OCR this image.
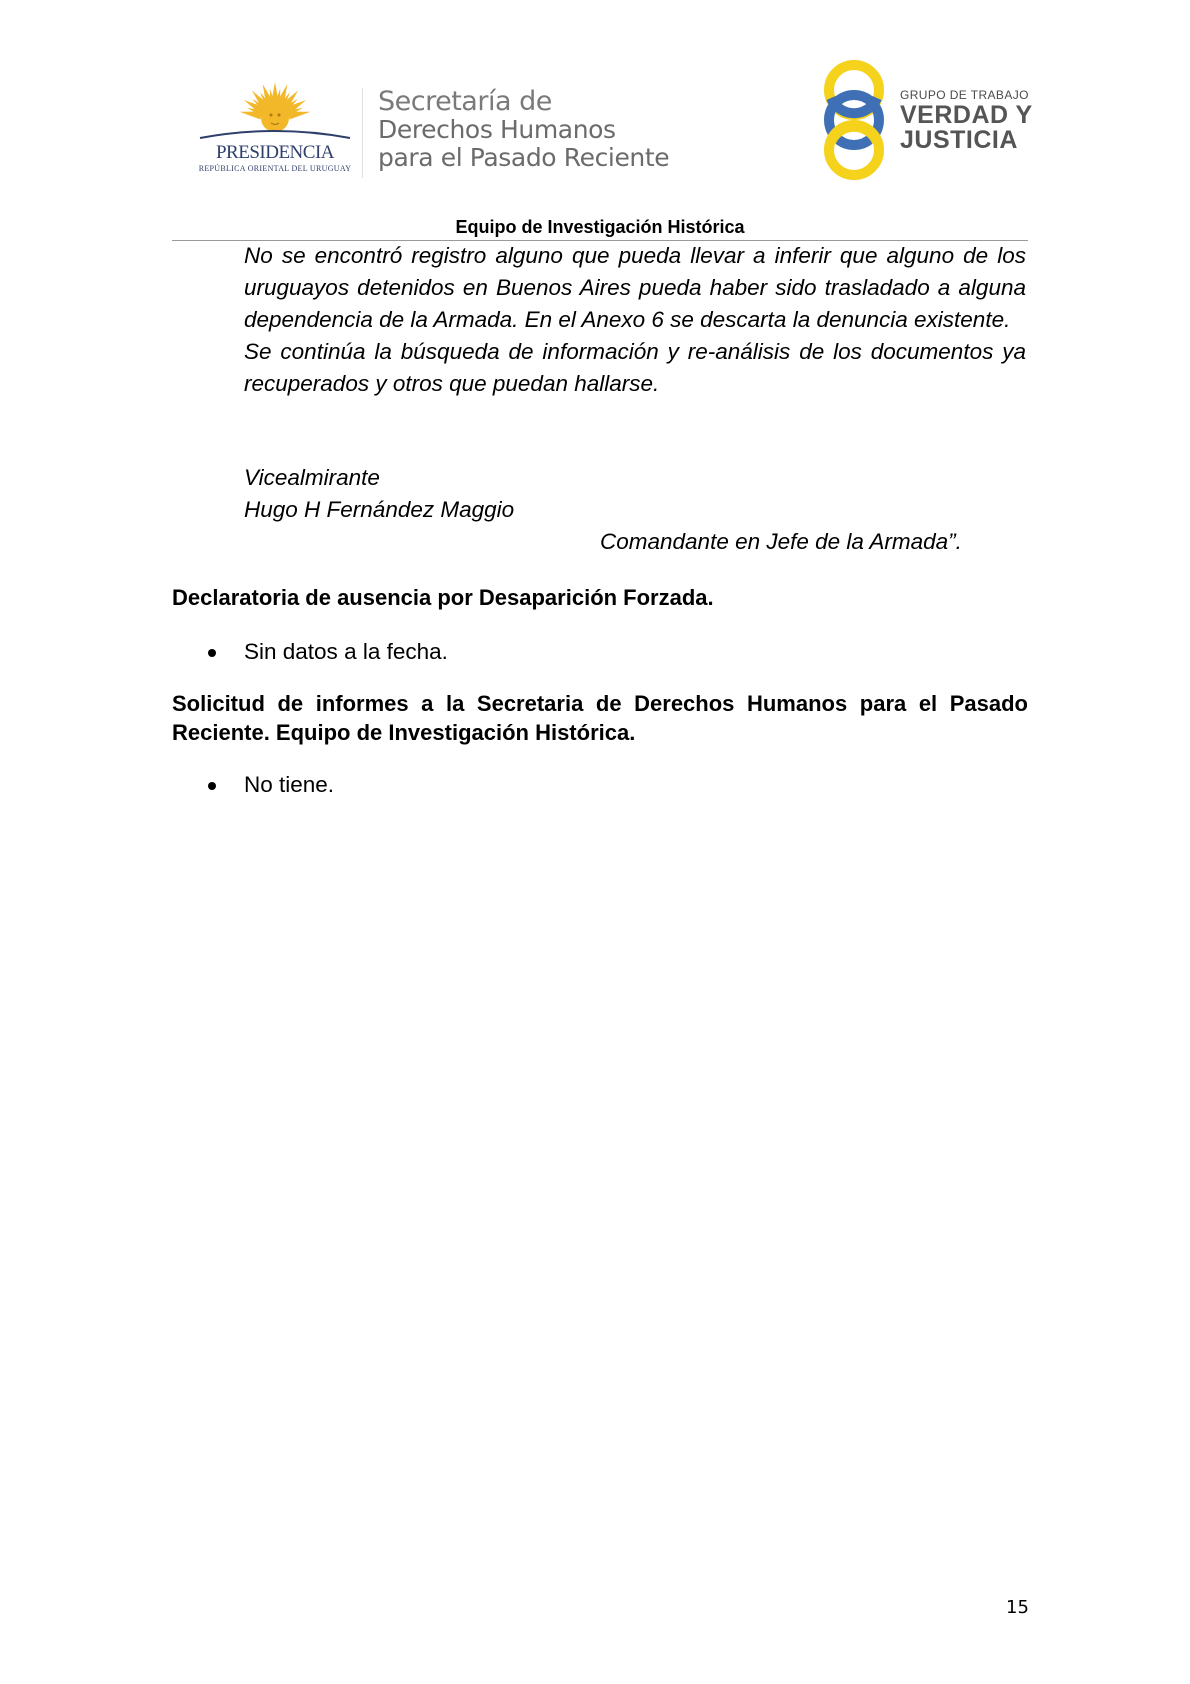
PRESIDENCIA
REPÚBLICA ORIENTAL DEL URUGUAY
Secretaría de
Derechos Humanos
para el Pasado Reciente
GRUPO DE TRABAJO
VERDAD Y
JUSTICIA
Equipo de Investigación Histórica

No se encontró registro alguno que pueda llevar a inferir que alguno de los uruguayos detenidos en Buenos Aires pueda haber sido trasladado a alguna dependencia de la Armada. En el Anexo 6 se descarta la denuncia existente.

Se continúa la búsqueda de información y re-análisis de los documentos ya recuperados y otros que puedan hallarse.

Vicealmirante
Hugo H Fernández Maggio
Comandante en Jefe de la Armada”.
Declaratoria de ausencia por Desaparición Forzada.
Sin datos a la fecha.
Solicitud de informes a la Secretaria de Derechos Humanos para el Pasado Reciente. Equipo de Investigación Histórica.
No tiene.
15
